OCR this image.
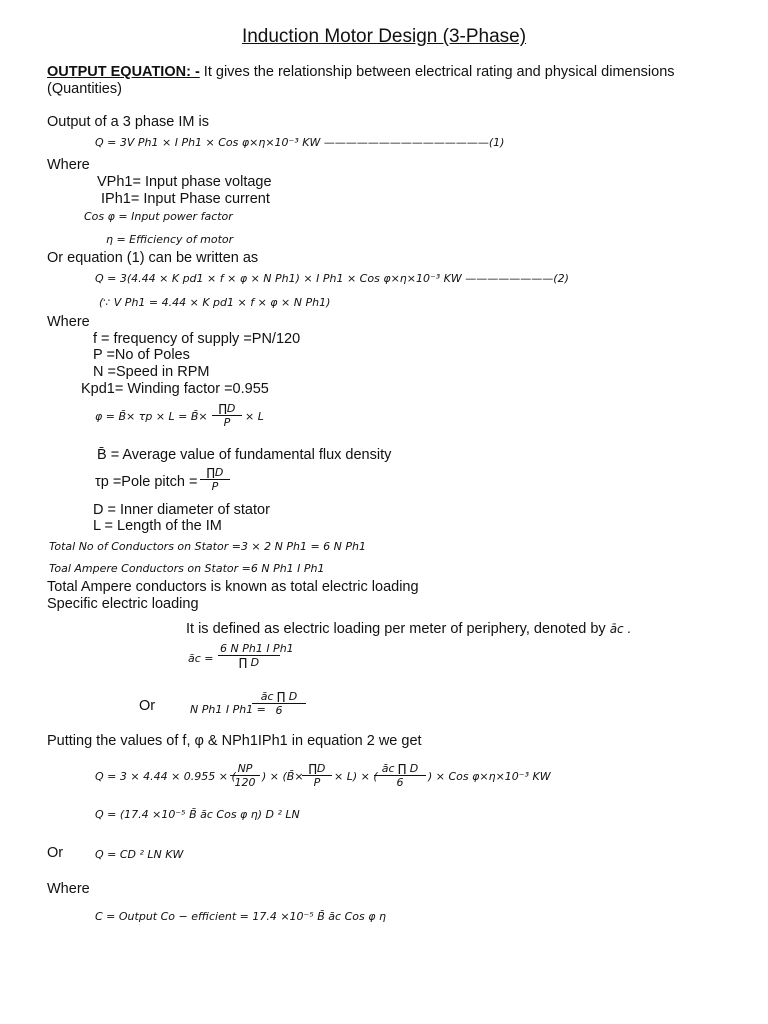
Induction Motor Design (3-Phase)
OUTPUT EQUATION: - It gives the relationship between electrical rating and physical dimensions
(Quantities)
Output of a 3 phase IM is
Q = 3V Ph1 × I Ph1 × Cos φ×η×10⁻³ KW ———————————————(1)
Where
VPh1= Input phase voltage
IPh1= Input Phase current
Cos φ = Input power factor
η = Efficiency of motor
Or equation (1) can be written as
Q = 3(4.44 × K pd1 × f × φ × N Ph1) × I Ph1 × Cos φ×η×10⁻³ KW ————————(2)
(∵ V Ph1 = 4.44 × K pd1 × f × φ × N Ph1)
Where
f = frequency of supply =PN/120
P =No of Poles
N =Speed in RPM
Kpd1= Winding factor =0.955
φ = B̄× τp × L = B̄× $\frac{\prod D}{P} \times L$
B̄ = Average value of fundamental flux density
τp =Pole pitch = $\frac{\prod D}{P}$
D = Inner diameter of stator
L = Length of the IM
Total No of Conductors on Stator =3 × 2 N Ph1 = 6 N Ph1
Toal Ampere Conductors on Stator =6 N Ph1 I Ph1
Total Ampere conductors is known as total electric loading
Specific electric loading
It is defined as electric loading per meter of periphery, denoted by āc .
āc = $\frac{\text{6 N Ph1 I Ph1}}{\prod D}$
Or	N Ph1 I Ph1 =
$\frac{āc \prod D}{6}$
Putting the values of f, φ & NPh1IPh1 in equation 2 we get
Q = 3 × 4.44 × 0.955 × (
$\frac{NP}{120}$ ) × (B̄×
$\frac{\prod D}{P} \times L$) × (
$\frac{āc \prod D}{6}$ ) × Cos φ×η×10⁻³ KW
Q = (17.4 ×10⁻⁵ B̄ āc Cos φ η) D ² LN
Or	Q = CD ² LN KW
Where
C = Output Co − efficient = 17.4 ×10⁻⁵ B̄ āc Cos φ η
